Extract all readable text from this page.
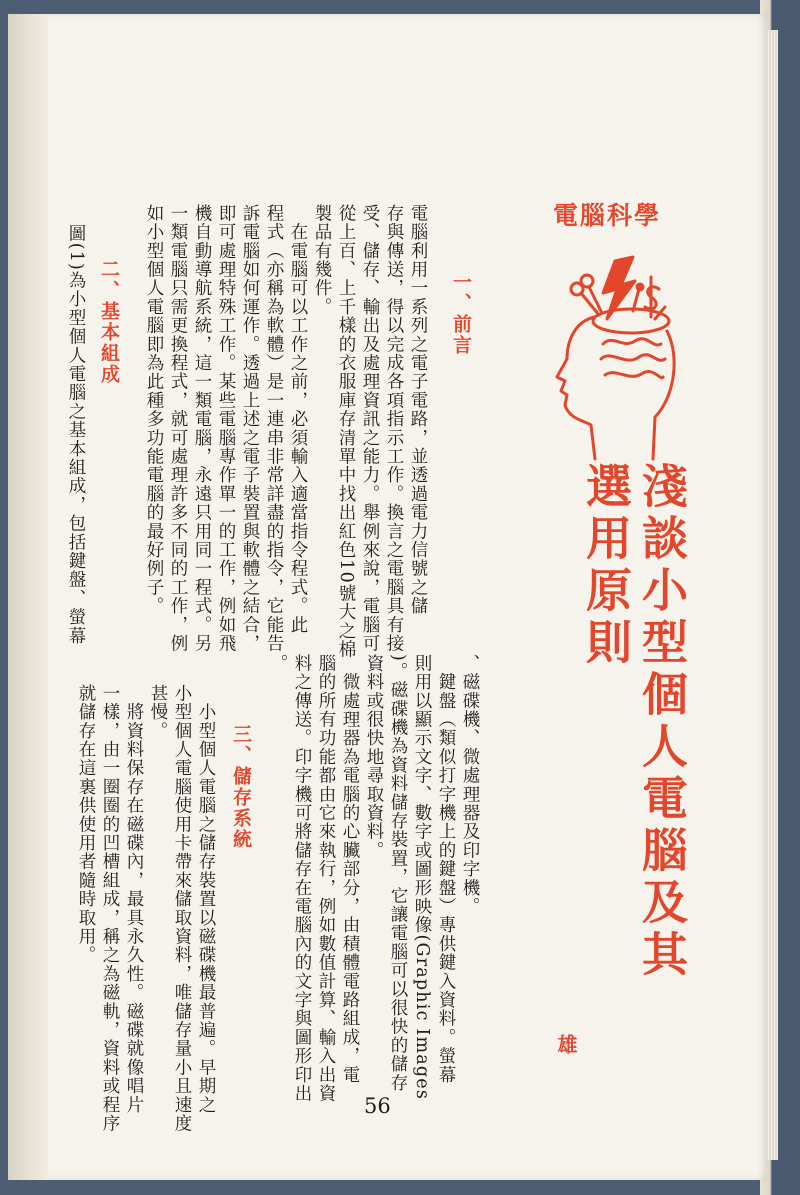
電腦科學
淺談小型個人電腦及其選用原則
雄
一、前言
二、基本組成
三、儲存系統
電腦利用一系列之電子電路，並透過電力信號之儲
存與傳送，得以完成各項指示工作。換言之電腦具有接
受、儲存、輸出及處理資訊之能力。舉例來說，電腦可
從上百、上千樣的衣服庫存清單中找出紅色10號大之棉
製品有幾件。
　在電腦可以工作之前，必須輸入適當指令程式。此
程式（亦稱為軟體）是一連串非常詳盡的指令，它能告
訴電腦如何運作。透過上述之電子裝置與軟體之結合，
即可處理特殊工作。某些電腦專作單一的工作，例如飛
機自動導航系統，這一類電腦，永遠只用同一程式。另
一類電腦只需更換程式，就可處理許多不同的工作，例
如小型個人電腦即為此種多功能電腦的最好例子。
圖(1)為小型個人電腦之基本組成，包括鍵盤、螢幕
、磁碟機、微處理器及印字機。
　鍵盤（類似打字機上的鍵盤）專供鍵入資料。螢幕
則用以顯示文字、數字或圖形映像(Graphic Images
)。磁碟機為資料儲存裝置，它讓電腦可以很快的儲存
資料或很快地尋取資料。
　微處理器為電腦的心臟部分，由積體電路組成，電
腦的所有功能都由它來執行，例如數值計算、輸入出資
料之傳送。印字機可將儲存在電腦內的文字與圖形印出
。
　小型個人電腦之儲存裝置以磁碟機最普遍。早期之
小型個人電腦使用卡帶來儲取資料，唯儲存量小且速度
甚慢。
　將資料保存在磁碟內，最具永久性。磁碟就像唱片
一樣，由一圈圈的凹槽組成，稱之為磁軌，資料或程序
就儲存在這裏供使用者隨時取用。
56
